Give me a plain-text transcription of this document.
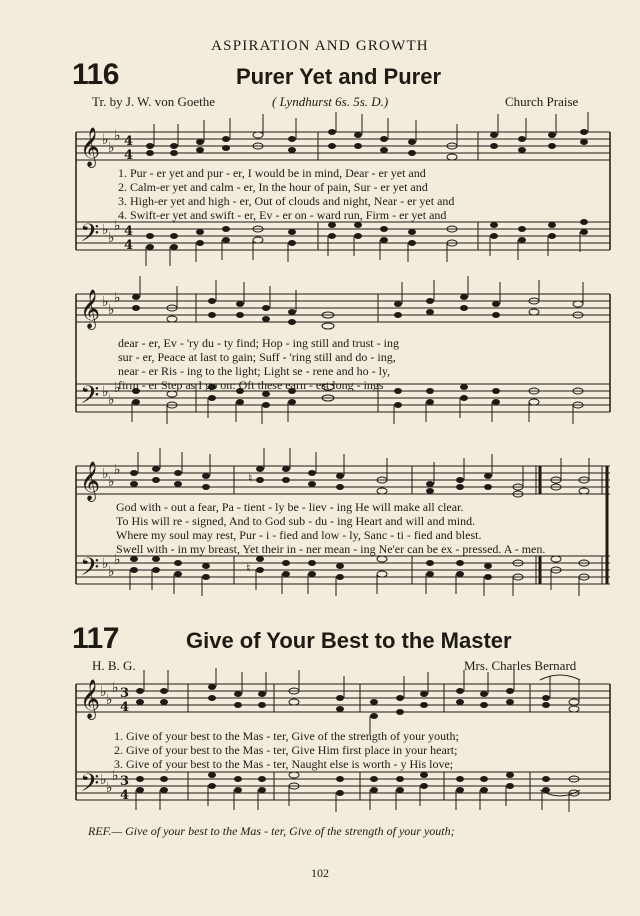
ASPIRATION AND GROWTH
116	Purer Yet and Purer
Tr. by J. W. von Goethe	( Lyndhurst 6s. 5s. D.)	Church Praise
𝄞
𝄢
♭ ♭
♭
♭ ♭
♭
4
4
4
4
1. Pur - er yet and pur - er, I would be in mind, Dear - er yet and
2. Calm-er yet and calm - er, In the hour of pain, Sur - er yet and
3. High-er yet and high - er, Out of clouds and night, Near - er yet and
4. Swift-er yet and swift - er, Ev - er on - ward run, Firm - er yet and
𝄞
𝄢
♭ ♭
♭
♭ ♭
♭
dear - er, Ev - 'ry du - ty find; Hop - ing still and trust - ing
sur - er, Peace at last to gain; Suff - 'ring still and do - ing,
near - er Ris - ing to the light; Light se - rene and ho - ly,
firm - er Step as I go on: Oft these earn - est long - ings
𝄞
𝄢
♭ ♭
♭
♭ ♭
♭
♮
♮
God with - out a fear, Pa - tient - ly be - liev - ing He will make all clear.
To His will re - signed, And to God sub - du - ing Heart and will and mind.
Where my soul may rest, Pur - i - fied and low - ly, Sanc - ti - fied and blest.
Swell with - in my breast, Yet their in - ner mean - ing Ne'er can be ex - pressed. A - men.
117	Give of Your Best to the Master
H. B. G.	Mrs. Charles Bernard
𝄞
𝄢
♭ ♭
♭
♭ ♭
♭
3
4
3
4
1. Give of your best to the Mas - ter, Give of the strength of your youth;
2. Give of your best to the Mas - ter, Give Him first place in your heart;
3. Give of your best to the Mas - ter, Naught else is worth - y His love;
REF.— Give of your best to the Mas - ter, Give of the strength of your youth;
102
